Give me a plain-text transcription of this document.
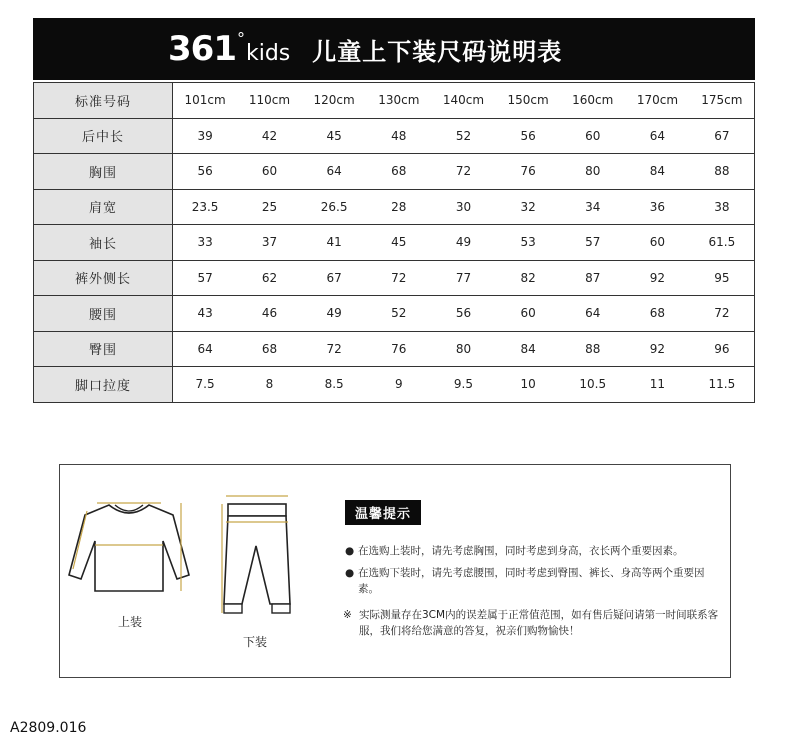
361 °
kids 儿童上下装尺码说明表
标准号码	101cm	110cm	120cm	130cm	140cm	150cm	160cm	170cm	175cm
后中长	39	42	45	48	52	56	60	64	67
胸围	56	60	64	68	72	76	80	84	88
肩宽	23.5	25	26.5	28	30	32	34	36	38
袖长	33	37	41	45	49	53	57	60	61.5
裤外侧长	57	62	67	72	77	82	87	92	95
腰围	43	46	49	52	56	60	64	68	72
臀围	64	68	72	76	80	84	88	92	96
脚口拉度	7.5	8	8.5	9	9.5	10	10.5	11	11.5
上装
下装
温馨提示
● 在选购上装时，请先考虑胸围，同时考虑到身高，衣长两个重要因素。
● 在选购下装时，请先考虑腰围，同时考虑到臀围、裤长、身高等两个重要因素。
※ 实际测量存在3CM内的误差属于正常值范围，如有售后疑问请第一时间联系客服，我们将给您满意的答复，祝亲们购物愉快！
A2809.016
